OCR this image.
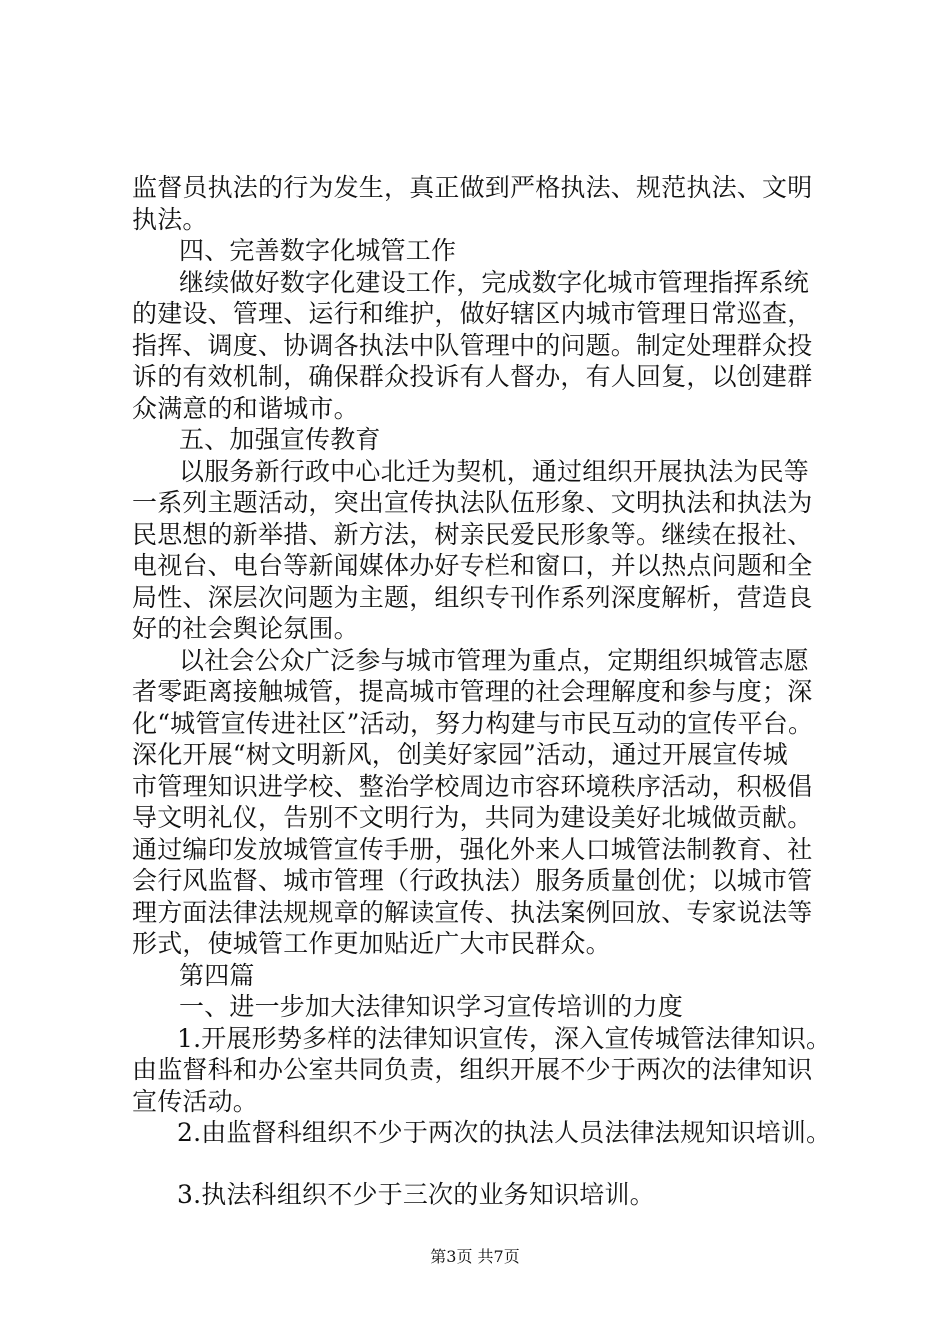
监督员执法的行为发生，真正做到严格执法、规范执法、文明
执法。
四、完善数字化城管工作
继续做好数字化建设工作，完成数字化城市管理指挥系统
的建设、管理、运行和维护，做好辖区内城市管理日常巡查，
指挥、调度、协调各执法中队管理中的问题。制定处理群众投
诉的有效机制，确保群众投诉有人督办，有人回复，以创建群
众满意的和谐城市。
五、加强宣传教育
以服务新行政中心北迁为契机，通过组织开展执法为民等
一系列主题活动，突出宣传执法队伍形象、文明执法和执法为
民思想的新举措、新方法，树亲民爱民形象等。继续在报社、
电视台、电台等新闻媒体办好专栏和窗口，并以热点问题和全
局性、深层次问题为主题，组织专刊作系列深度解析，营造良
好的社会舆论氛围。
以社会公众广泛参与城市管理为重点，定期组织城管志愿
者零距离接触城管，提高城市管理的社会理解度和参与度；深
化“城管宣传进社区”活动，努力构建与市民互动的宣传平台。
深化开展“树文明新风，创美好家园”活动，通过开展宣传城
市管理知识进学校、整治学校周边市容环境秩序活动，积极倡
导文明礼仪，告别不文明行为，共同为建设美好北城做贡献。
通过编印发放城管宣传手册，强化外来人口城管法制教育、社
会行风监督、城市管理（行政执法）服务质量创优；以城市管
理方面法律法规规章的解读宣传、执法案例回放、专家说法等
形式，使城管工作更加贴近广大市民群众。
第四篇
一、进一步加大法律知识学习宣传培训的力度
1.开展形势多样的法律知识宣传，深入宣传城管法律知识。
由监督科和办公室共同负责，组织开展不少于两次的法律知识
宣传活动。
2.由监督科组织不少于两次的执法人员法律法规知识培训。
3.执法科组织不少于三次的业务知识培训。
第3页 共7页
